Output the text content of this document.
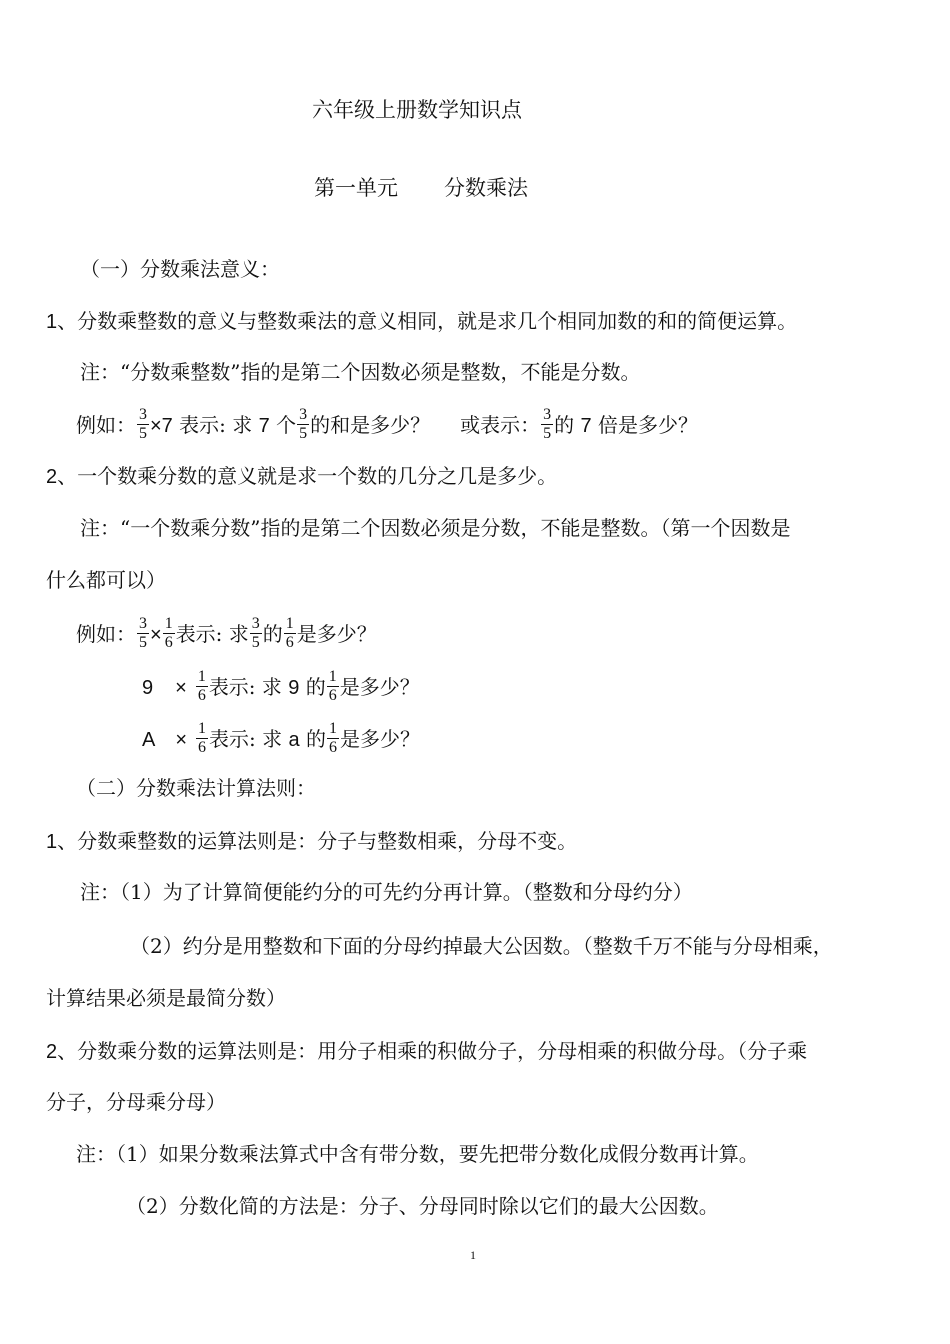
六年级上册数学知识点
第一单元 分数乘法
（一）分数乘法意义：
1、分数乘整数的意义与整数乘法的意义相同，就是求几个相同加数的和的简便运算。
注：“分数乘整数”指的是第二个因数必须是整数，不能是分数。
例如： $\frac{3}{5} \times 7$ 表示: 求 7 个 $\frac{3}{5}$ 的和是多少？ 或表示： $\frac{3}{5}$ 的 7 倍是多少？
2、一个数乘分数的意义就是求一个数的几分之几是多少。
注：“一个数乘分数”指的是第二个因数必须是分数，不能是整数。（第一个因数是
什么都可以）
例如： $\frac{3}{5} \times \frac{1}{6}$ 表示: 求 $\frac{3}{5}$ 的 $\frac{1}{6}$ 是多少？
$9 \times \frac{1}{6}$ 表示: 求 9 的 $\frac{1}{6}$ 是多少？
$A \times \frac{1}{6}$ 表示: 求 a 的 $\frac{1}{6}$ 是多少？
（二）分数乘法计算法则：
1、分数乘整数的运算法则是：分子与整数相乘，分母不变。
注：（1）为了计算简便能约分的可先约分再计算。（整数和分母约分）
（2）约分是用整数和下面的分母约掉最大公因数。（整数千万不能与分母相乘，
计算结果必须是最简分数）
2、分数乘分数的运算法则是：用分子相乘的积做分子，分母相乘的积做分母。（分子乘
分子，分母乘分母）
注：（1）如果分数乘法算式中含有带分数，要先把带分数化成假分数再计算。
（2）分数化简的方法是：分子、分母同时除以它们的最大公因数。
1
